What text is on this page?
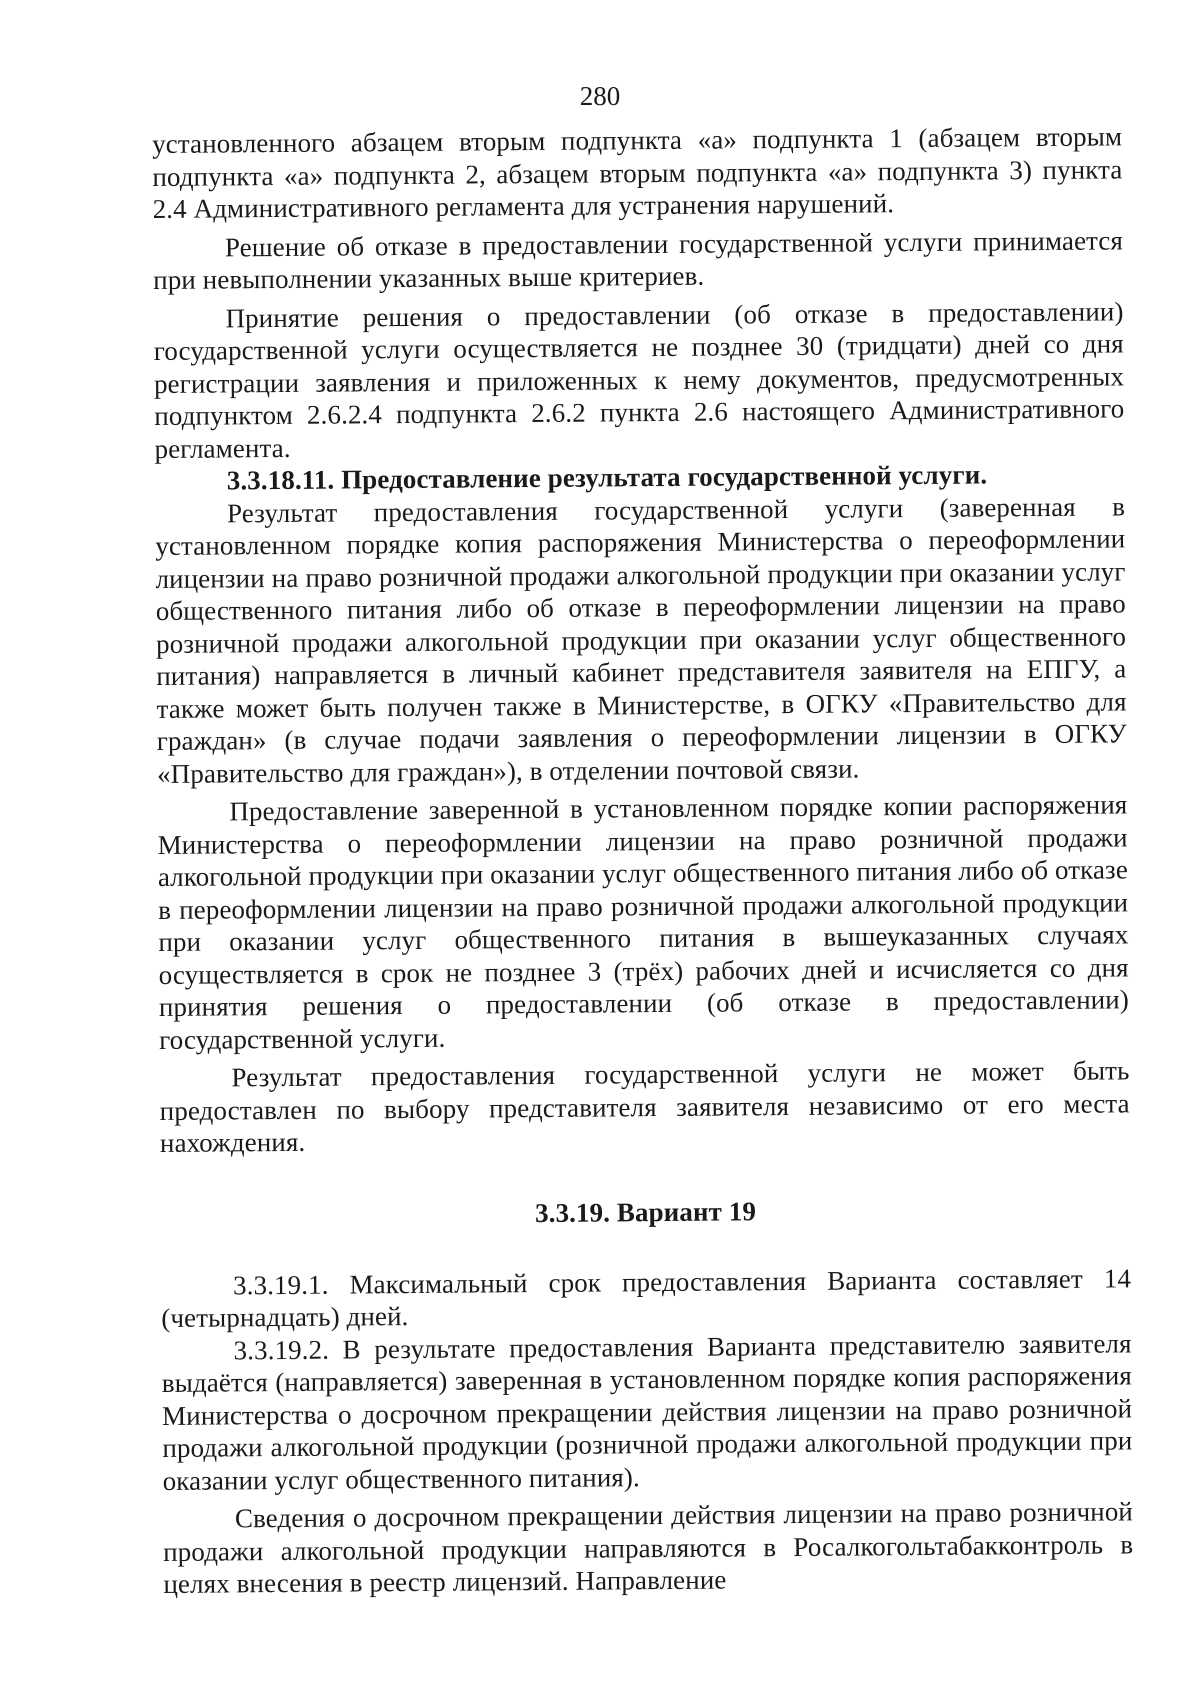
280

установленного абзацем вторым подпункта «а» подпункта 1 (абзацем вторым подпункта «а» подпункта 2, абзацем вторым подпункта «а» подпункта 3) пункта 2.4 Административного регламента для устранения нарушений.

Решение об отказе в предоставлении государственной услуги принимается при невыполнении указанных выше критериев.

Принятие решения о предоставлении (об отказе в предоставлении) государственной услуги осуществляется не позднее 30 (тридцати) дней со дня регистрации заявления и приложенных к нему документов, предусмотренных подпунктом 2.6.2.4 подпункта 2.6.2 пункта 2.6 настоящего Административного регламента.

3.3.18.11. Предоставление результата государственной услуги.

Результат предоставления государственной услуги (заверенная в установленном порядке копия распоряжения Министерства о переоформлении лицензии на право розничной продажи алкогольной продукции при оказании услуг общественного питания либо об отказе в переоформлении лицензии на право розничной продажи алкогольной продукции при оказании услуг общественного питания) направляется в личный кабинет представителя заявителя на ЕПГУ, а также может быть получен также в Министерстве, в ОГКУ «Правительство для граждан» (в случае подачи заявления о переоформлении лицензии в ОГКУ «Правительство для граждан»), в отделении почтовой связи.

Предоставление заверенной в установленном порядке копии распоряжения Министерства о переоформлении лицензии на право розничной продажи алкогольной продукции при оказании услуг общественного питания либо об отказе в переоформлении лицензии на право розничной продажи алкогольной продукции при оказании услуг общественного питания в вышеуказанных случаях осуществляется в срок не позднее 3 (трёх) рабочих дней и исчисляется со дня принятия решения о предоставлении (об отказе в предоставлении) государственной услуги.

Результат предоставления государственной услуги не может быть предоставлен по выбору представителя заявителя независимо от его места нахождения.

3.3.19. Вариант 19

3.3.19.1. Максимальный срок предоставления Варианта составляет 14 (четырнадцать) дней.

3.3.19.2. В результате предоставления Варианта представителю заявителя выдаётся (направляется) заверенная в установленном порядке копия распоряжения Министерства о досрочном прекращении действия лицензии на право розничной продажи алкогольной продукции (розничной продажи алкогольной продукции при оказании услуг общественного питания).

Сведения о досрочном прекращении действия лицензии на право розничной продажи алкогольной продукции направляются в Росалкогольтабакконтроль в целях внесения в реестр лицензий. Направление
